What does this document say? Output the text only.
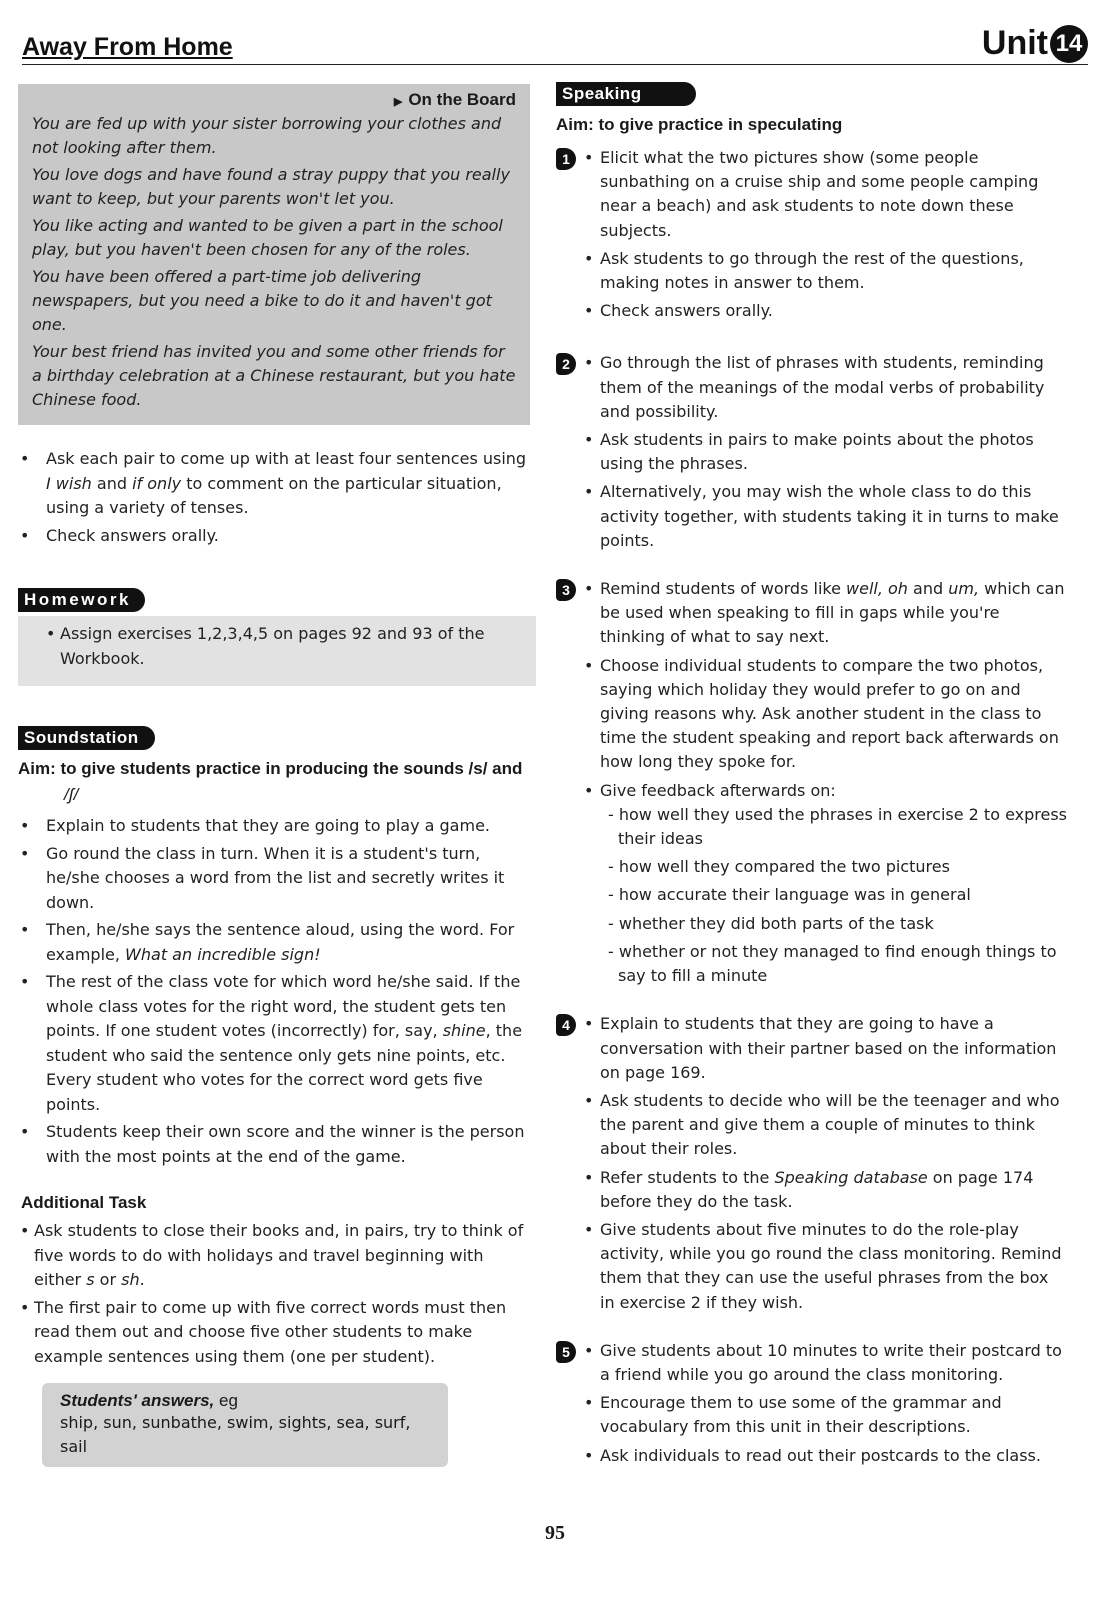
Away From Home	Unit 14
▶ On the Board

You are fed up with your sister borrowing your clothes and not looking after them.

You love dogs and have found a stray puppy that you really want to keep, but your parents won't let you.

You like acting and wanted to be given a part in the school play, but you haven't been chosen for any of the roles.

You have been offered a part-time job delivering newspapers, but you need a bike to do it and haven't got one.

Your best friend has invited you and some other friends for a birthday celebration at a Chinese restaurant, but you hate Chinese food.

• Ask each pair to come up with at least four sentences using I wish and if only to comment on the particular situation, using a variety of tenses.
• Check answers orally.
Homework
• Assign exercises 1,2,3,4,5 on pages 92 and 93 of the Workbook.
Soundstation
Aim: to give students practice in producing the sounds /s/ and
/ʃ/
• Explain to students that they are going to play a game.
• Go round the class in turn. When it is a student's turn, he/she chooses a word from the list and secretly writes it down.
• Then, he/she says the sentence aloud, using the word. For example, What an incredible sign!
• The rest of the class vote for which word he/she said. If the whole class votes for the right word, the student gets ten points. If one student votes (incorrectly) for, say, shine, the student who said the sentence only gets nine points, etc. Every student who votes for the correct word gets five points.
• Students keep their own score and the winner is the person with the most points at the end of the game.
Additional Task
• Ask students to close their books and, in pairs, try to think of five words to do with holidays and travel beginning with either s or sh.
• The first pair to come up with five correct words must then read them out and choose five other students to make example sentences using them (one per student).
Students' answers, eg
ship, sun, sunbathe, swim, sights, sea, surf, sail
Speaking
Aim: to give practice in speculating
1 • Elicit what the two pictures show (some people sunbathing on a cruise ship and some people camping near a beach) and ask students to note down these subjects.
• Ask students to go through the rest of the questions, making notes in answer to them.
• Check answers orally.
2 • Go through the list of phrases with students, reminding them of the meanings of the modal verbs of probability and possibility.
• Ask students in pairs to make points about the photos using the phrases.
• Alternatively, you may wish the whole class to do this activity together, with students taking it in turns to make points.
3 • Remind students of words like well, oh and um, which can be used when speaking to fill in gaps while you're thinking of what to say next.
• Choose individual students to compare the two photos, saying which holiday they would prefer to go on and giving reasons why. Ask another student in the class to time the student speaking and report back afterwards on how long they spoke for.
• Give feedback afterwards on:
- how well they used the phrases in exercise 2 to express their ideas
- how well they compared the two pictures
- how accurate their language was in general
- whether they did both parts of the task
- whether or not they managed to find enough things to say to fill a minute
4 • Explain to students that they are going to have a conversation with their partner based on the information on page 169.
• Ask students to decide who will be the teenager and who the parent and give them a couple of minutes to think about their roles.
• Refer students to the Speaking database on page 174 before they do the task.
• Give students about five minutes to do the role-play activity, while you go round the class monitoring. Remind them that they can use the useful phrases from the box in exercise 2 if they wish.
5 • Give students about 10 minutes to write their postcard to a friend while you go around the class monitoring.
• Encourage them to use some of the grammar and vocabulary from this unit in their descriptions.
• Ask individuals to read out their postcards to the class.
95
